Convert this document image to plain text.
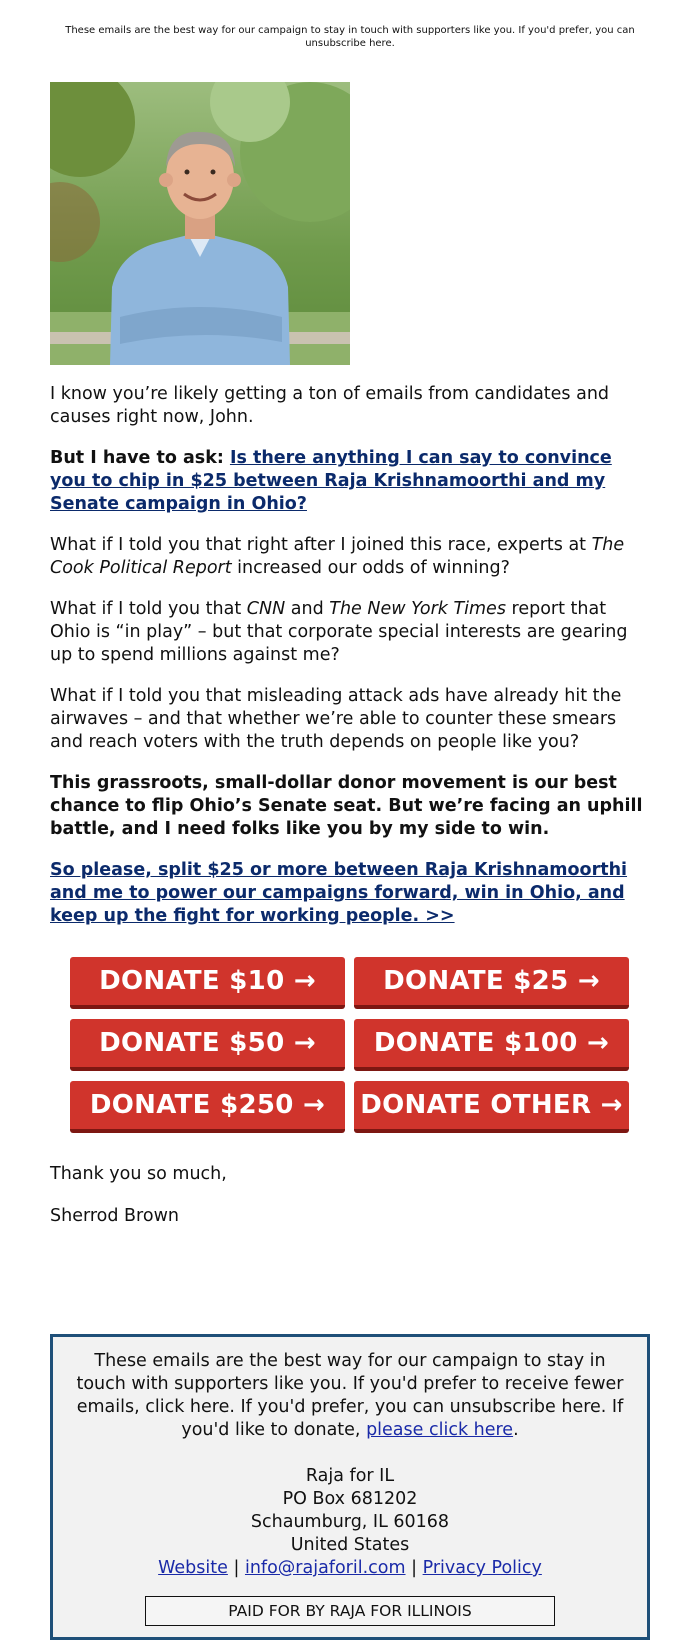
These emails are the best way for our campaign to stay in touch with supporters like you. If you'd prefer, you can unsubscribe here.

I know you’re likely getting a ton of emails from candidates and causes right now, John.

But I have to ask: Is there anything I can say to convince you to chip in $25 between Raja Krishnamoorthi and my Senate campaign in Ohio?

What if I told you that right after I joined this race, experts at The Cook Political Report increased our odds of winning?

What if I told you that CNN and The New York Times report that Ohio is “in play” – but that corporate special interests are gearing up to spend millions against me?

What if I told you that misleading attack ads have already hit the airwaves – and that whether we’re able to counter these smears and reach voters with the truth depends on people like you?

This grassroots, small-dollar donor movement is our best chance to flip Ohio’s Senate seat. But we’re facing an uphill battle, and I need folks like you by my side to win.

So please, split $25 or more between Raja Krishnamoorthi and me to power our campaigns forward, win in Ohio, and keep up the fight for working people. >>

DONATE $10 →	DONATE $25 →
DONATE $50 →	DONATE $100 →
DONATE $250 →	DONATE OTHER →

Thank you so much,

Sherrod Brown

These emails are the best way for our campaign to stay in touch with supporters like you. If you'd prefer to receive fewer emails, click here. If you'd prefer, you can unsubscribe here. If you'd like to donate, please click here.
Raja for IL
PO Box 681202
Schaumburg, IL 60168
United States
Website | info@rajaforil.com | Privacy Policy
PAID FOR BY RAJA FOR ILLINOIS
